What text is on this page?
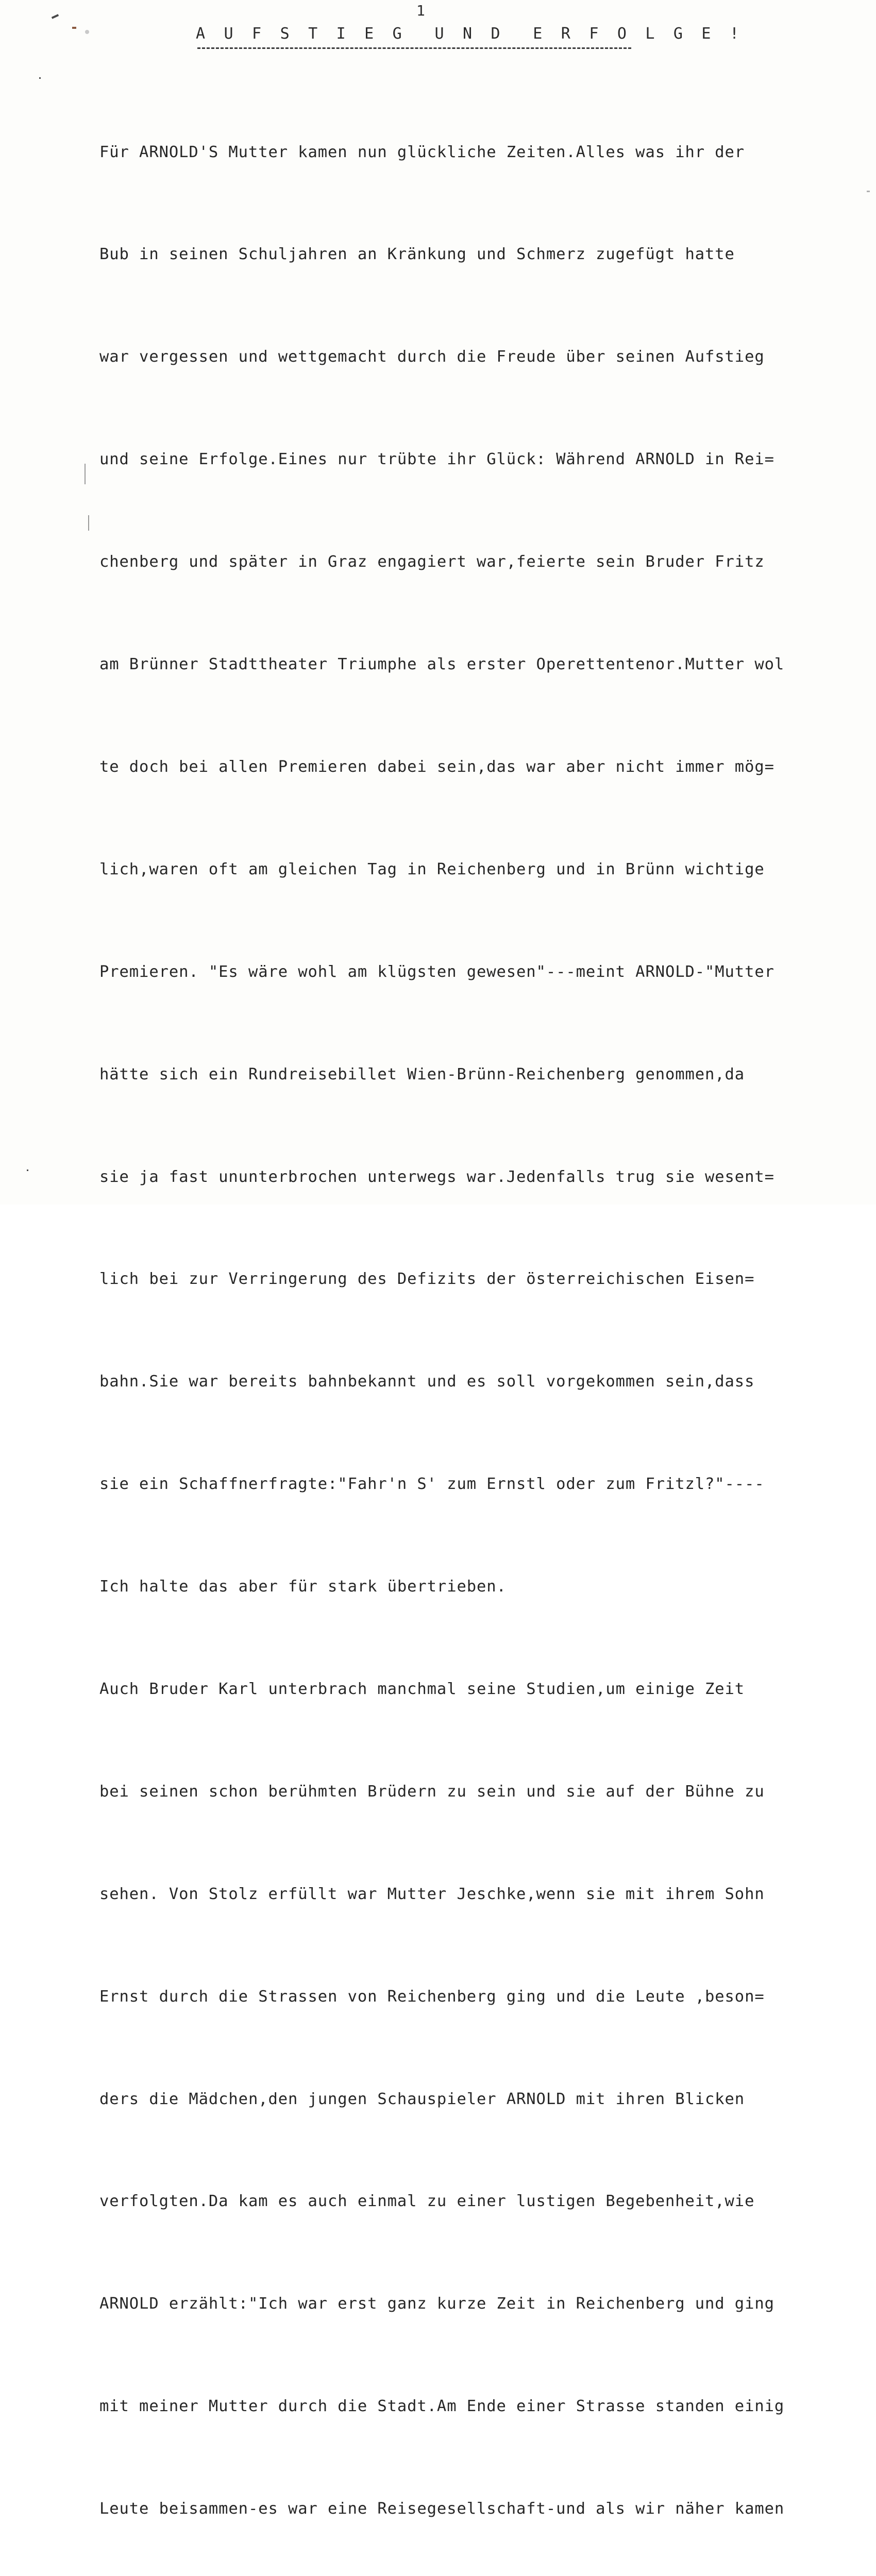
1
A U F S T I E G  U N D  E R F O L G E !

Für ARNOLD'S Mutter kamen nun glückliche Zeiten.Alles was ihr der

Bub in seinen Schuljahren an Kränkung und Schmerz zugefügt hatte

war vergessen und wettgemacht durch die Freude über seinen Aufstieg

und seine Erfolge.Eines nur trübte ihr Glück: Während ARNOLD in Rei=

chenberg und später in Graz engagiert war,feierte sein Bruder Fritz

am Brünner Stadttheater Triumphe als erster Operettentenor.Mutter wol

te doch bei allen Premieren dabei sein,das war aber nicht immer mög=

lich,waren oft am gleichen Tag in Reichenberg und in Brünn wichtige

Premieren. "Es wäre wohl am klügsten gewesen"---meint ARNOLD-"Mutter

hätte sich ein Rundreisebillet Wien-Brünn-Reichenberg genommen,da

sie ja fast ununterbrochen unterwegs war.Jedenfalls trug sie wesent=

lich bei zur Verringerung des Defizits der österreichischen Eisen=

bahn.Sie war bereits bahnbekannt und es soll vorgekommen sein,dass

sie ein Schaffnerfragte:"Fahr'n S' zum Ernstl oder zum Fritzl?"----

Ich halte das aber für stark übertrieben.

Auch Bruder Karl unterbrach manchmal seine Studien,um einige Zeit

bei seinen schon berühmten Brüdern zu sein und sie auf der Bühne zu

sehen. Von Stolz erfüllt war Mutter Jeschke,wenn sie mit ihrem Sohn

Ernst durch die Strassen von Reichenberg ging und die Leute ,beson=

ders die Mädchen,den jungen Schauspieler ARNOLD mit ihren Blicken

verfolgten.Da kam es auch einmal zu einer lustigen Begebenheit,wie

ARNOLD erzählt:"Ich war erst ganz kurze Zeit in Reichenberg und ging

mit meiner Mutter durch die Stadt.Am Ende einer Strasse standen einig

Leute beisammen-es war eine Reisegesellschaft-und als wir näher kamen
